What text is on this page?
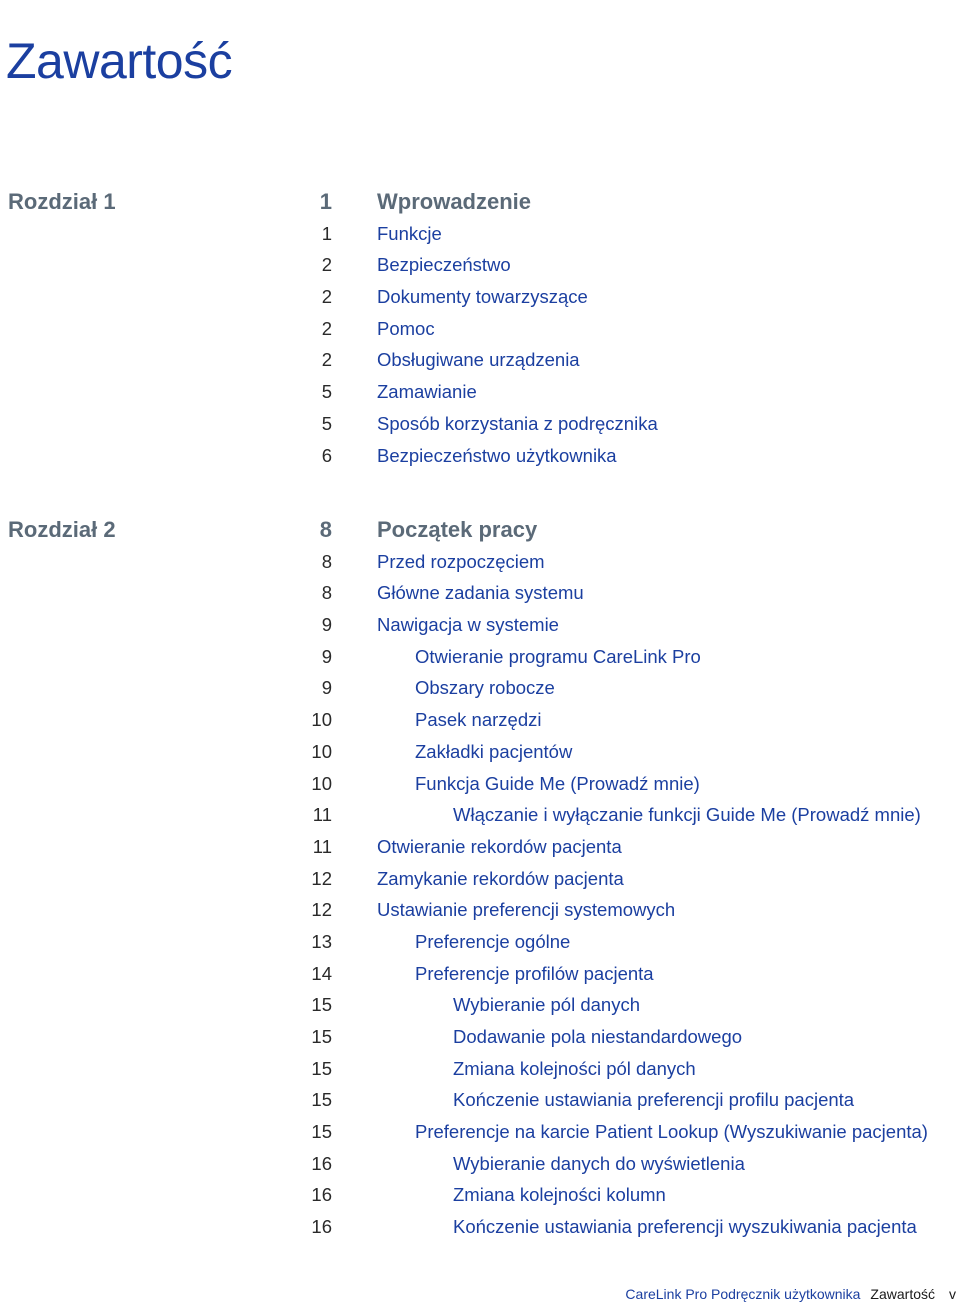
Zawartość
Rozdział 1	1 Wprowadzenie
1 Funkcje
2 Bezpieczeństwo
2 Dokumenty towarzyszące
2 Pomoc
2 Obsługiwane urządzenia
5 Zamawianie
5 Sposób korzystania z podręcznika
6 Bezpieczeństwo użytkownika
Rozdział 2	8 Początek pracy
8 Przed rozpoczęciem
8 Główne zadania systemu
9 Nawigacja w systemie
9	Otwieranie programu CareLink Pro
9	Obszary robocze
10	Pasek narzędzi
10	Zakładki pacjentów
10	Funkcja Guide Me (Prowadź mnie)
11	Włączanie i wyłączanie funkcji Guide Me (Prowadź mnie)
11 Otwieranie rekordów pacjenta
12 Zamykanie rekordów pacjenta
12 Ustawianie preferencji systemowych
13	Preferencje ogólne
14	Preferencje profilów pacjenta
15	Wybieranie pól danych
15	Dodawanie pola niestandardowego
15	Zmiana kolejności pól danych
15	Kończenie ustawiania preferencji profilu pacjenta
15	Preferencje na karcie Patient Lookup (Wyszukiwanie pacjenta)
16	Wybieranie danych do wyświetlenia
16	Zmiana kolejności kolumn
16	Kończenie ustawiania preferencji wyszukiwania pacjenta
CareLink Pro Podręcznik użytkownika Zawartość v
